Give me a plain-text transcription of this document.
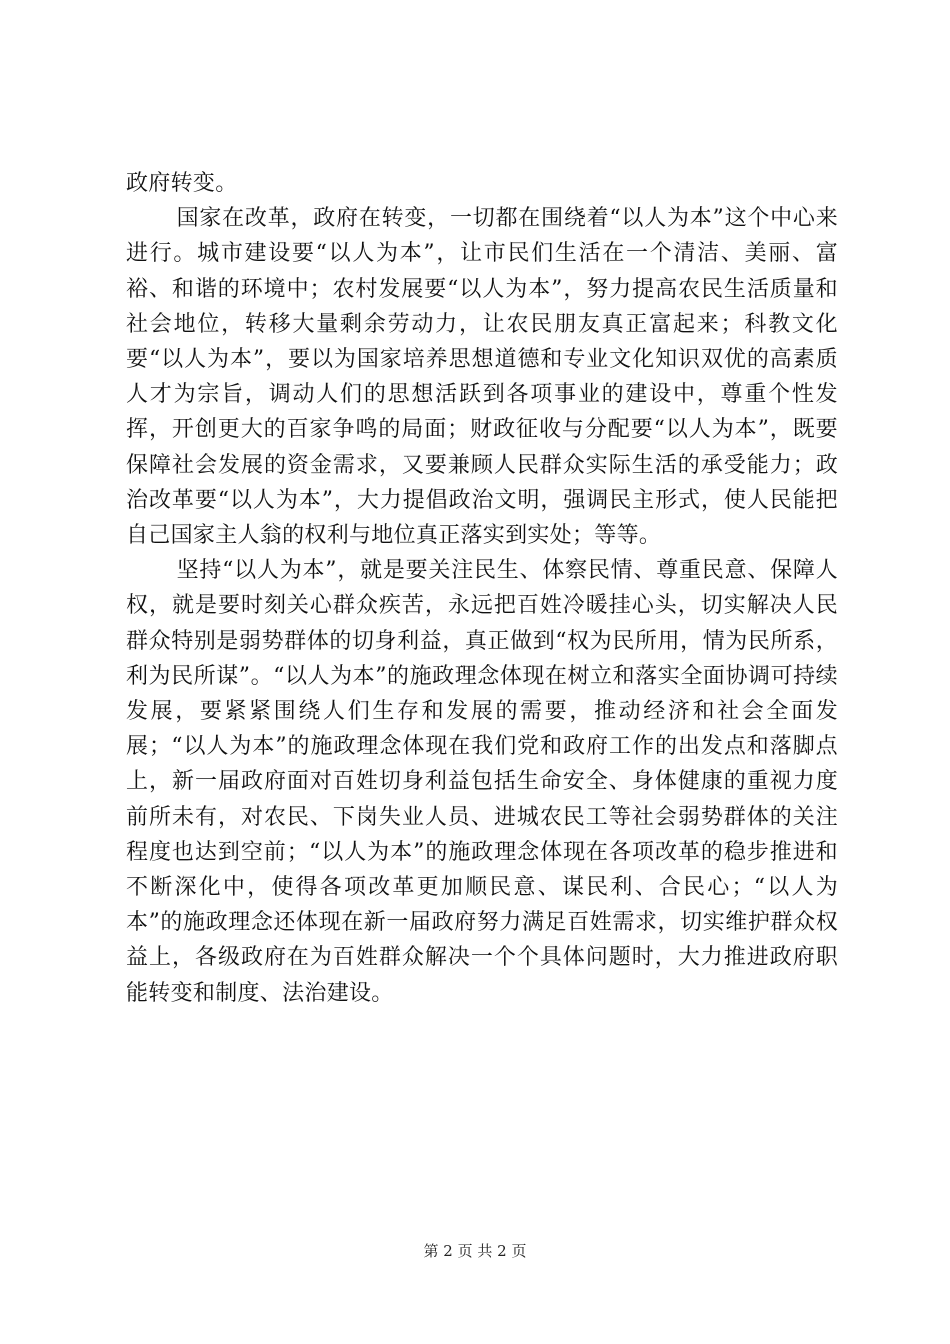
政府转变。

国家在改革，政府在转变，一切都在围绕着“以人为本”这个中心来进行。城市建设要“以人为本”，让市民们生活在一个清洁、美丽、富裕、和谐的环境中；农村发展要“以人为本”，努力提高农民生活质量和社会地位，转移大量剩余劳动力，让农民朋友真正富起来；科教文化要“以人为本”，要以为国家培养思想道德和专业文化知识双优的高素质人才为宗旨，调动人们的思想活跃到各项事业的建设中，尊重个性发挥，开创更大的百家争鸣的局面；财政征收与分配要“以人为本”，既要保障社会发展的资金需求，又要兼顾人民群众实际生活的承受能力；政治改革要“以人为本”，大力提倡政治文明，强调民主形式，使人民能把自己国家主人翁的权利与地位真正落实到实处；等等。

坚持“以人为本”，就是要关注民生、体察民情、尊重民意、保障人权，就是要时刻关心群众疾苦，永远把百姓冷暖挂心头，切实解决人民群众特别是弱势群体的切身利益，真正做到“权为民所用，情为民所系，利为民所谋”。“以人为本”的施政理念体现在树立和落实全面协调可持续发展，要紧紧围绕人们生存和发展的需要，推动经济和社会全面发展；“以人为本”的施政理念体现在我们党和政府工作的出发点和落脚点上，新一届政府面对百姓切身利益包括生命安全、身体健康的重视力度前所未有，对农民、下岗失业人员、进城农民工等社会弱势群体的关注程度也达到空前；“以人为本”的施政理念体现在各项改革的稳步推进和不断深化中，使得各项改革更加顺民意、谋民利、合民心；“以人为本”的施政理念还体现在新一届政府努力满足百姓需求，切实维护群众权益上，各级政府在为百姓群众解决一个个具体问题时，大力推进政府职能转变和制度、法治建设。

第 2 页 共 2 页
